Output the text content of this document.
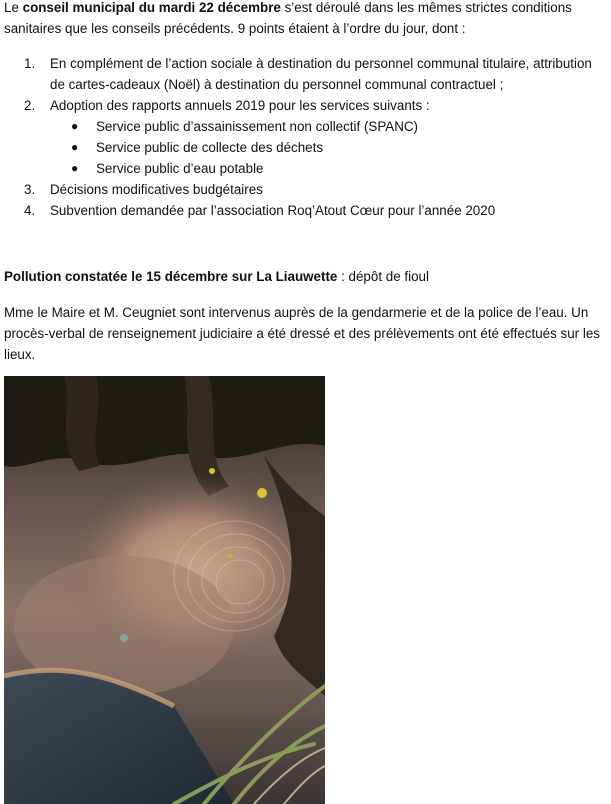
Le conseil municipal du mardi 22 décembre s’est déroulé dans les mêmes strictes conditions sanitaires que les conseils précédents. 9 points étaient à l’ordre du jour, dont :

1. En complément de l’action sociale à destination du personnel communal titulaire, attribution de cartes-cadeaux (Noël) à destination du personnel communal contractuel ;
2. Adoption des rapports annuels 2019 pour les services suivants :
● Service public d’assainissement non collectif (SPANC)
● Service public de collecte des déchets
● Service public d’eau potable
3. Décisions modificatives budgétaires
4. Subvention demandée par l’association Roq’Atout Cœur pour l’année 2020

Pollution constatée le 15 décembre sur La Liauwette : dépôt de fioul

Mme le Maire et M. Ceugniet sont intervenus auprès de la gendarmerie et de la police de l’eau. Un procès-verbal de renseignement judiciaire a été dressé et des prélèvements ont été effectués sur les lieux.
